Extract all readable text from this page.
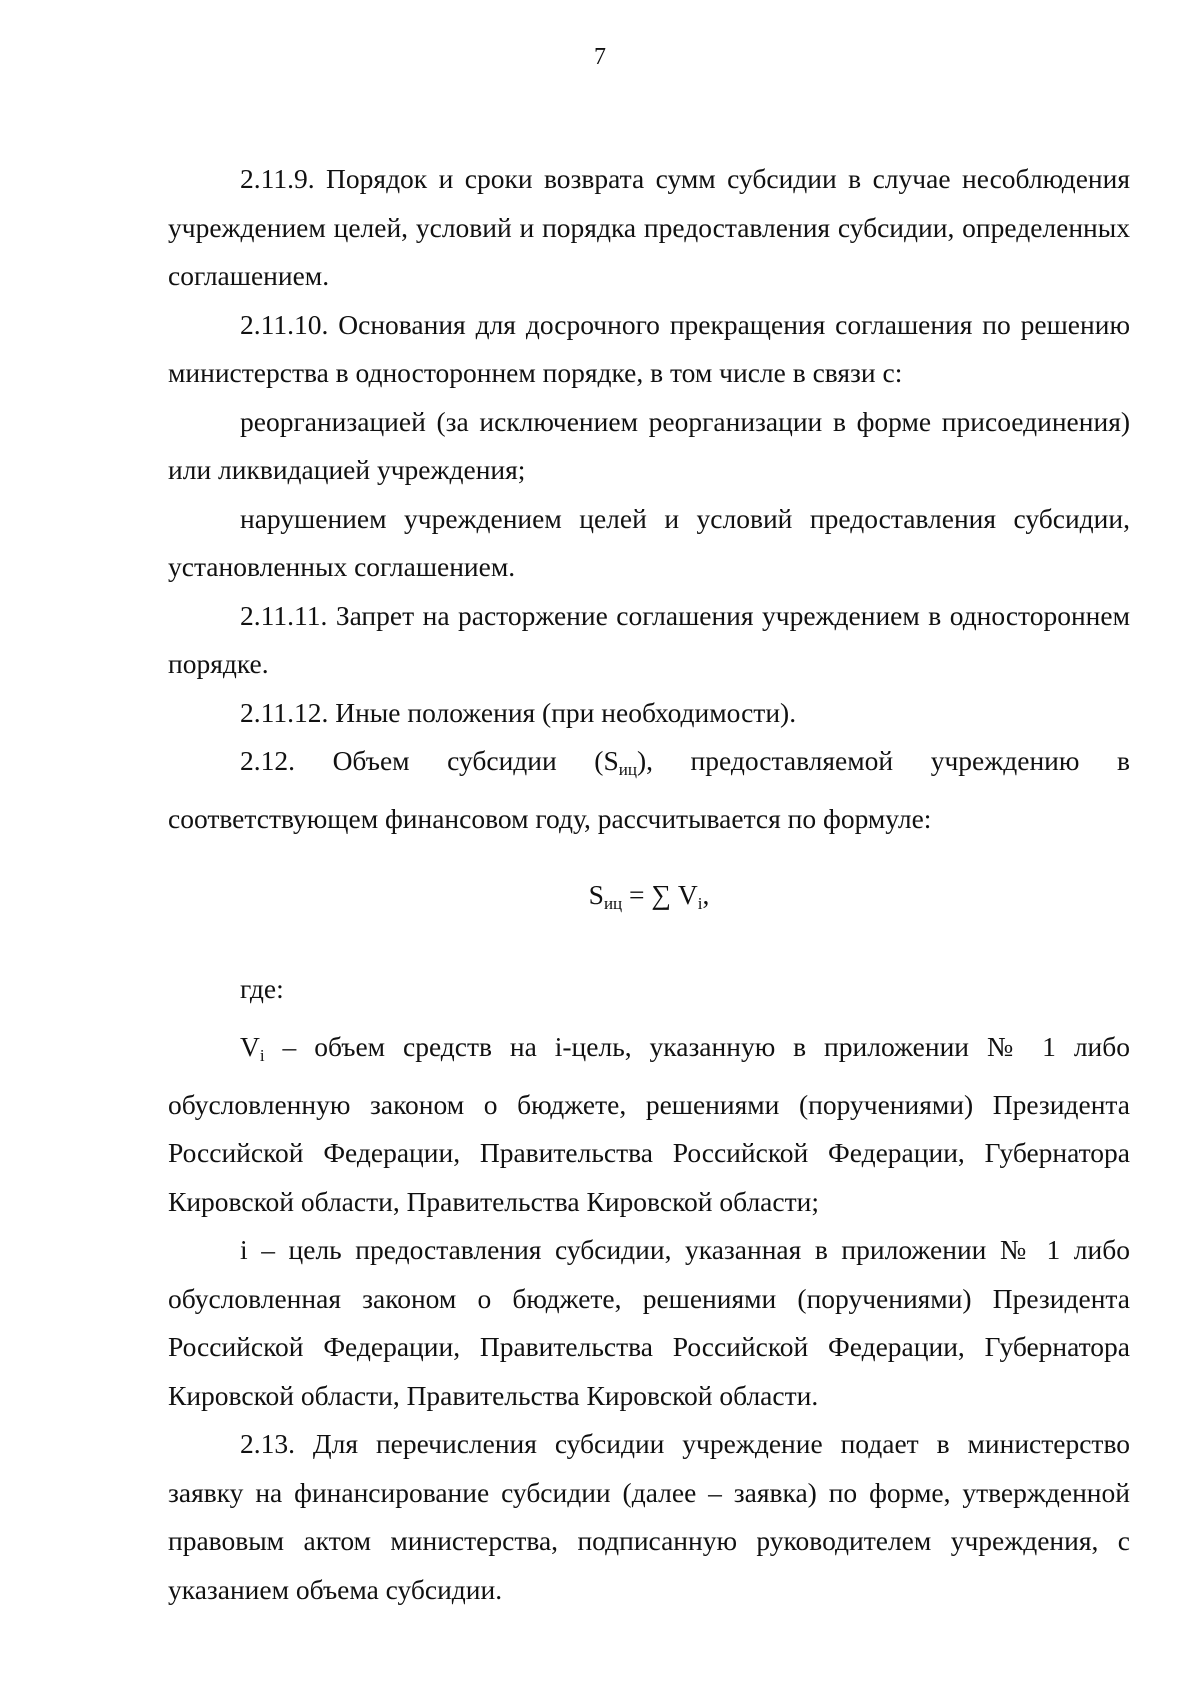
7

2.11.9. Порядок и сроки возврата сумм субсидии в случае несоблюдения учреждением целей, условий и порядка предоставления субсидии, определенных соглашением.

2.11.10. Основания для досрочного прекращения соглашения по решению министерства в одностороннем порядке, в том числе в связи с:

реорганизацией (за исключением реорганизации в форме присоединения) или ликвидацией учреждения;

нарушением учреждением целей и условий предоставления субсидии, установленных соглашением.

2.11.11. Запрет на расторжение соглашения учреждением в одностороннем порядке.

2.11.12. Иные положения (при необходимости).

2.12. Объем субсидии $(S_{иц})$, предоставляемой учреждению в соответствующем финансовом году, рассчитывается по формуле:

$S_{иц}$ = ∑ $V_i$,

где:

$V_i$ – объем средств на i-цель, указанную в приложении № 1 либо обусловленную законом о бюджете, решениями (поручениями) Президента Российской Федерации, Правительства Российской Федерации, Губернатора Кировской области, Правительства Кировской области;

i – цель предоставления субсидии, указанная в приложении № 1 либо обусловленная законом о бюджете, решениями (поручениями) Президента Российской Федерации, Правительства Российской Федерации, Губернатора Кировской области, Правительства Кировской области.

2.13. Для перечисления субсидии учреждение подает в министерство заявку на финансирование субсидии (далее – заявка) по форме, утвержденной правовым актом министерства, подписанную руководителем учреждения, с указанием объема субсидии.
